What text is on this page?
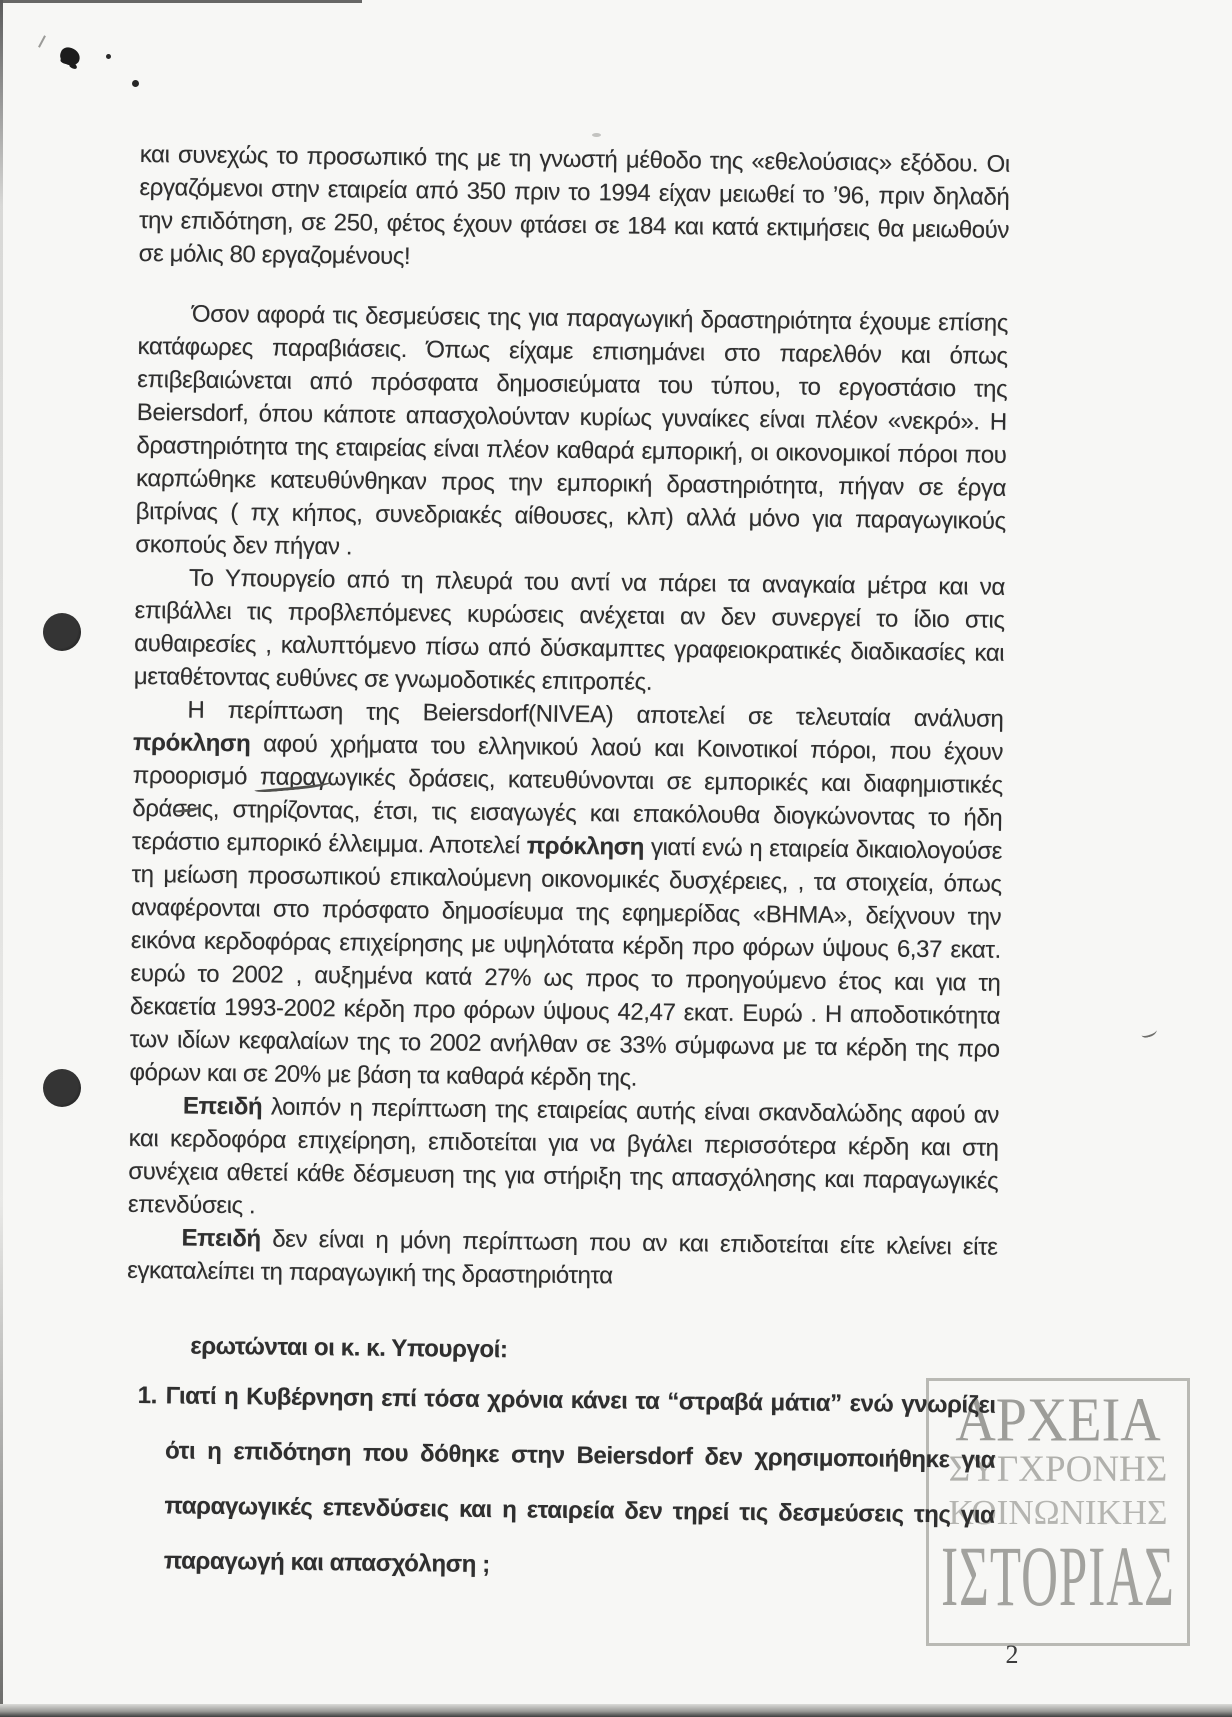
ΑΡΧΕΙΑ
ΣΥΓΧΡΟΝΗΣ
ΚΟΙΝΩΝΙΚΗΣ
ΙΣΤΟΡΙΑΣ

και συνεχώς το προσωπικό της με τη γνωστή μέθοδο της «εθελούσιας» εξόδου. Οι εργαζόμενοι στην εταιρεία από 350 πριν το 1994 είχαν μειωθεί το ’96, πριν δηλαδή την επιδότηση, σε 250, φέτος έχουν φτάσει σε 184 και κατά εκτιμήσεις θα μειωθούν σε μόλις 80 εργαζομένους!

Όσον αφορά τις δεσμεύσεις της για παραγωγική δραστηριότητα έχουμε επίσης κατάφωρες παραβιάσεις. Όπως είχαμε επισημάνει στο παρελθόν και όπως επιβεβαιώνεται από πρόσφατα δημοσιεύματα του τύπου, το εργοστάσιο της Beiersdorf, όπου κάποτε απασχολούνταν κυρίως γυναίκες είναι πλέον «νεκρό». Η δραστηριότητα της εταιρείας είναι πλέον καθαρά εμπορική, οι οικονομικοί πόροι που καρπώθηκε κατευθύνθηκαν προς την εμπορική δραστηριότητα, πήγαν σε έργα βιτρίνας ( πχ κήπος, συνεδριακές αίθουσες, κλπ) αλλά μόνο για παραγωγικούς σκοπούς δεν πήγαν .

Το Υπουργείο από τη πλευρά του αντί να πάρει τα αναγκαία μέτρα και να επιβάλλει τις προβλεπόμενες κυρώσεις ανέχεται αν δεν συνεργεί το ίδιο στις αυθαιρεσίες , καλυπτόμενο πίσω από δύσκαμπτες γραφειοκρατικές διαδικασίες και μεταθέτοντας ευθύνες σε γνωμοδοτικές επιτροπές.

Η περίπτωση της Beiersdorf(NIVEA) αποτελεί σε τελευταία ανάλυση πρόκληση αφού χρήματα του ελληνικού λαού και Κοινοτικοί πόροι, που έχουν προορισμό παραγωγικές δράσεις, κατευθύνονται σε εμπορικές και διαφημιστικές δράσεις, στηρίζοντας, έτσι, τις εισαγωγές και επακόλουθα διογκώνοντας το ήδη τεράστιο εμπορικό έλλειμμα. Αποτελεί πρόκληση γιατί ενώ η εταιρεία δικαιολογούσε τη μείωση προσωπικού επικαλούμενη οικονομικές δυσχέρειες, , τα στοιχεία, όπως αναφέρονται στο πρόσφατο δημοσίευμα της εφημερίδας «ΒΗΜΑ», δείχνουν την εικόνα κερδοφόρας επιχείρησης με υψηλότατα κέρδη προ φόρων ύψους 6,37 εκατ. ευρώ το 2002 , αυξημένα κατά 27% ως προς το προηγούμενο έτος και για τη δεκαετία 1993-2002 κέρδη προ φόρων ύψους 42,47 εκατ. Ευρώ . Η αποδοτικότητα των ιδίων κεφαλαίων της το 2002 ανήλθαν σε 33% σύμφωνα με τα κέρδη της προ φόρων και σε 20% με βάση τα καθαρά κέρδη της.

Επειδή λοιπόν η περίπτωση της εταιρείας αυτής είναι σκανδαλώδης αφού αν και κερδοφόρα επιχείρηση, επιδοτείται για να βγάλει περισσότερα κέρδη και στη συνέχεια αθετεί κάθε δέσμευση της για στήριξη της απασχόλησης και παραγωγικές επενδύσεις .

Επειδή δεν είναι η μόνη περίπτωση που αν και επιδοτείται είτε κλείνει είτε εγκαταλείπει τη παραγωγική της δραστηριότητα

ερωτώνται οι κ. κ. Υπουργοί:
1. Γιατί η Κυβέρνηση επί τόσα χρόνια κάνει τα “στραβά μάτια” ενώ γνωρίζει ότι η επιδότηση που δόθηκε στην Beiersdorf δεν χρησιμοποιήθηκε για παραγωγικές επενδύσεις και η εταιρεία δεν τηρεί τις δεσμεύσεις της για παραγωγή και απασχόληση ;
2
